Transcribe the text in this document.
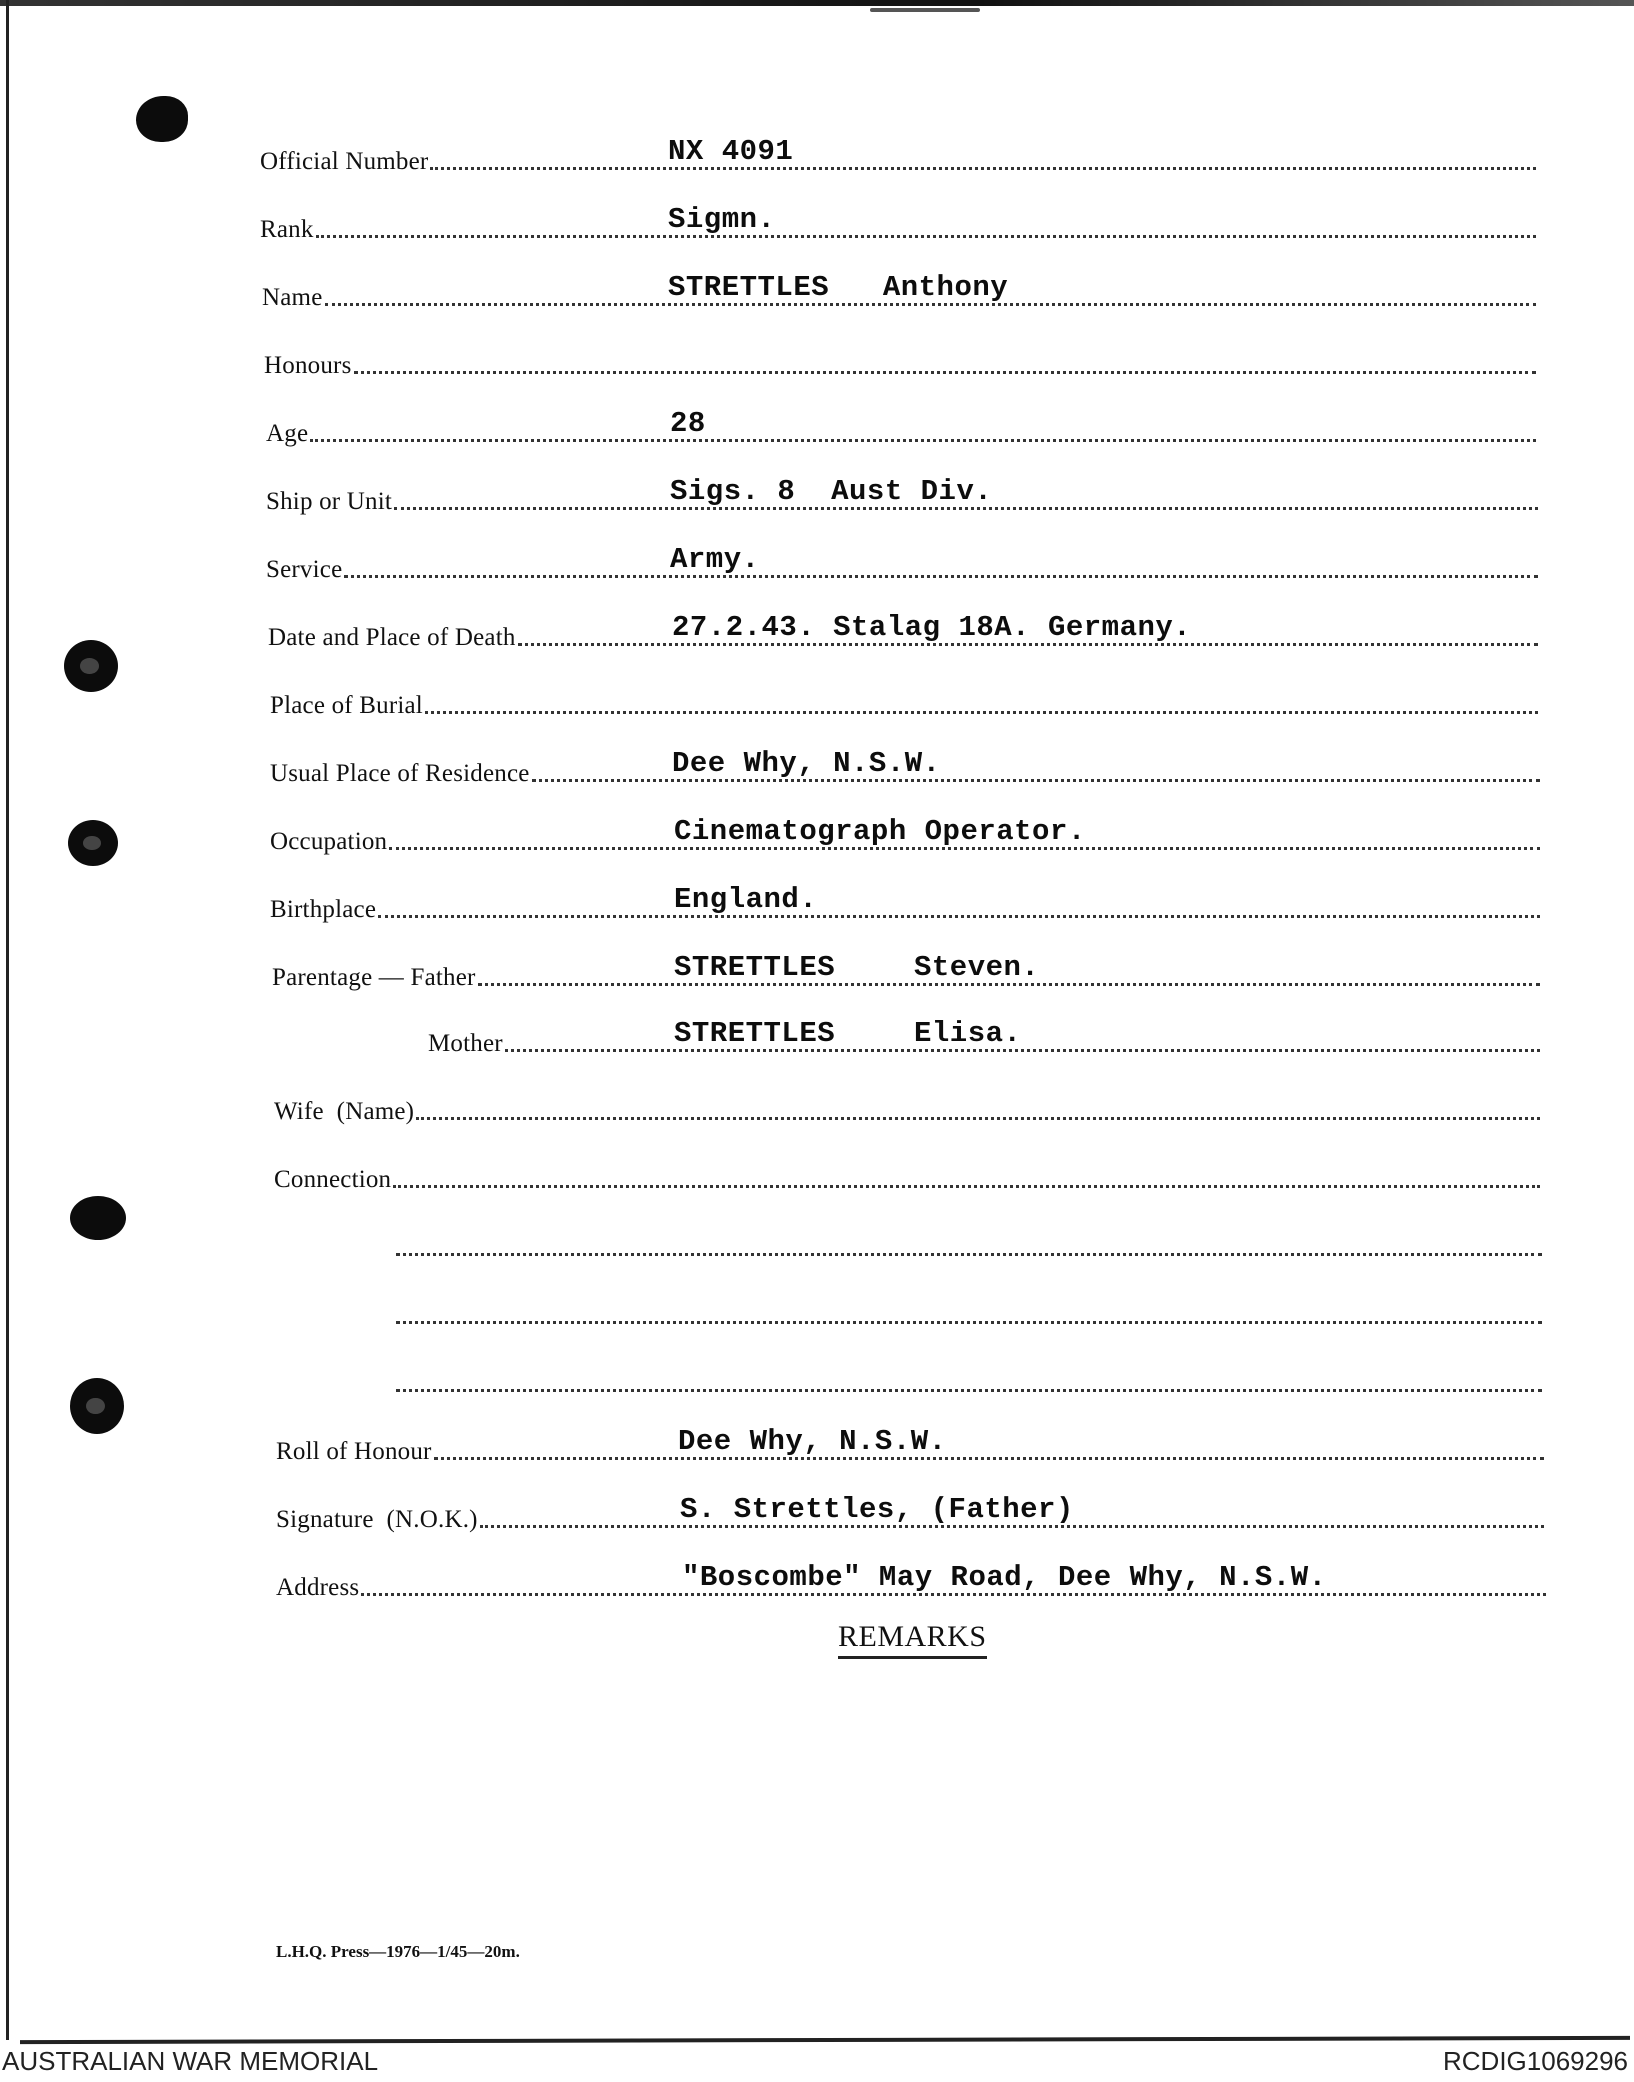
Official Number	NX 4091
Rank	Sigmn.
Name	STRETTLES   Anthony
Honours
Age	28
Ship or Unit	Sigs. 8  Aust Div.
Service	Army.
Date and Place of Death	27.2.43. Stalag 18A. Germany.
Place of Burial
Usual Place of Residence	Dee Why, N.S.W.
Occupation	Cinematograph Operator.
Birthplace	England.
Parentage — Father	STRETTLES	Steven.
Mother	STRETTLES	Elisa.
Wife  (Name)
Connection
Roll of Honour	Dee Why, N.S.W.
Signature  (N.O.K.)	S. Strettles, (Father)
Address	"Boscombe" May Road, Dee Why, N.S.W.
REMARKS
L.H.Q. Press—1976—1/45—20m.
AUSTRALIAN WAR MEMORIAL	RCDIG1069296
